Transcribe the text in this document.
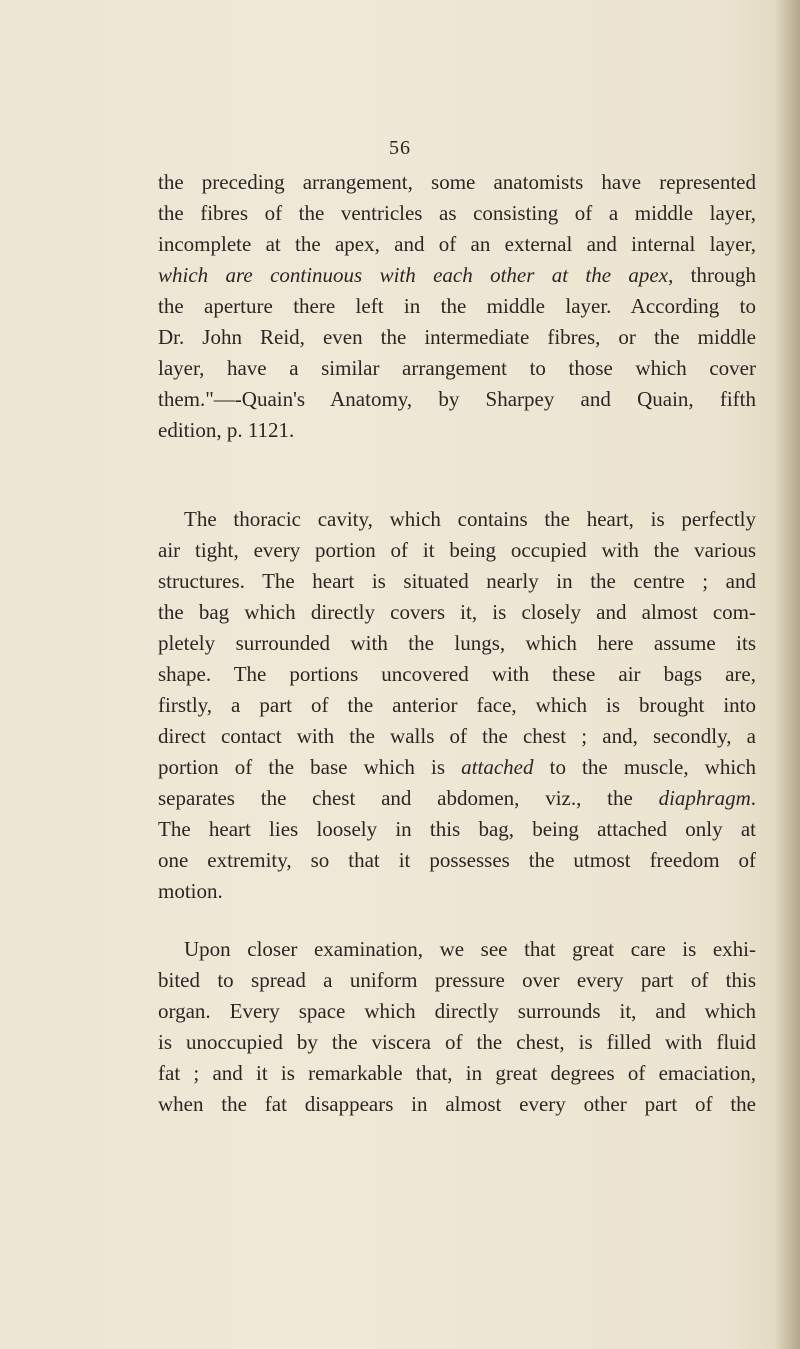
56
the preceding arrangement, some anatomists have represented
the fibres of the ventricles as consisting of a middle layer,
incomplete at the apex, and of an external and internal layer,
which are continuous with each other at the apex, through
the aperture there left in the middle layer. According to
Dr. John Reid, even the intermediate fibres, or the middle
layer, have a similar arrangement to those which cover
them."—-Quain's Anatomy, by Sharpey and Quain, fifth
edition, p. 1121.
The thoracic cavity, which contains the heart, is perfectly
air tight, every portion of it being occupied with the various
structures. The heart is situated nearly in the centre ; and
the bag which directly covers it, is closely and almost com-
pletely surrounded with the lungs, which here assume its
shape. The portions uncovered with these air bags are,
firstly, a part of the anterior face, which is brought into
direct contact with the walls of the chest ; and, secondly, a
portion of the base which is attached to the muscle, which
separates the chest and abdomen, viz., the diaphragm.
The heart lies loosely in this bag, being attached only at
one extremity, so that it possesses the utmost freedom of
motion.
Upon closer examination, we see that great care is exhi-
bited to spread a uniform pressure over every part of this
organ. Every space which directly surrounds it, and which
is unoccupied by the viscera of the chest, is filled with fluid
fat ; and it is remarkable that, in great degrees of emaciation,
when the fat disappears in almost every other part of the
